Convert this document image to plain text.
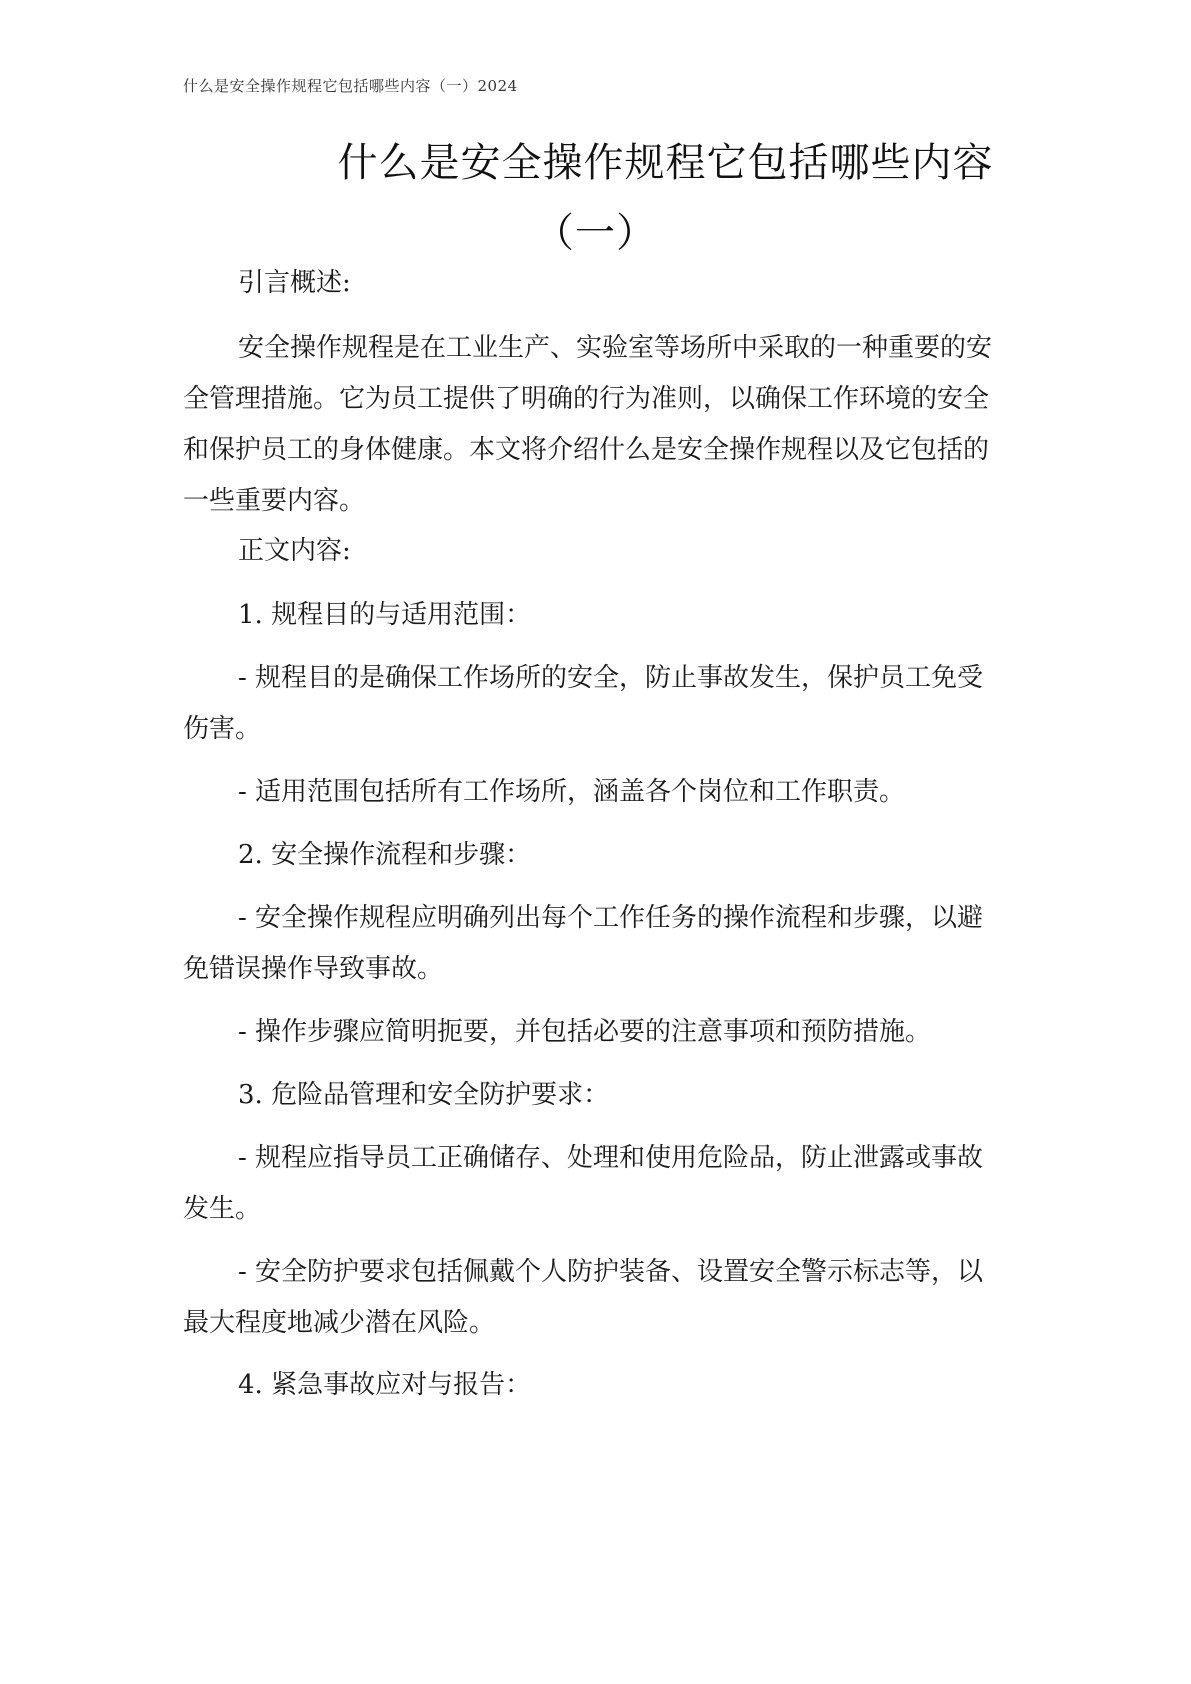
什么是安全操作规程它包括哪些内容（一）2024
什么是安全操作规程它包括哪些内容
（一）

引言概述:

安全操作规程是在工业生产、实验室等场所中采取的一种重要的安全管理措施。它为员工提供了明确的行为准则，以确保工作环境的安全和保护员工的身体健康。本文将介绍什么是安全操作规程以及它包括的一些重要内容。

正文内容:

1. 规程目的与适用范围：

- 规程目的是确保工作场所的安全，防止事故发生，保护员工免受伤害。

- 适用范围包括所有工作场所，涵盖各个岗位和工作职责。

2. 安全操作流程和步骤：

- 安全操作规程应明确列出每个工作任务的操作流程和步骤，以避免错误操作导致事故。

- 操作步骤应简明扼要，并包括必要的注意事项和预防措施。

3. 危险品管理和安全防护要求：

- 规程应指导员工正确储存、处理和使用危险品，防止泄露或事故发生。

- 安全防护要求包括佩戴个人防护装备、设置安全警示标志等，以最大程度地减少潜在风险。

4. 紧急事故应对与报告：
